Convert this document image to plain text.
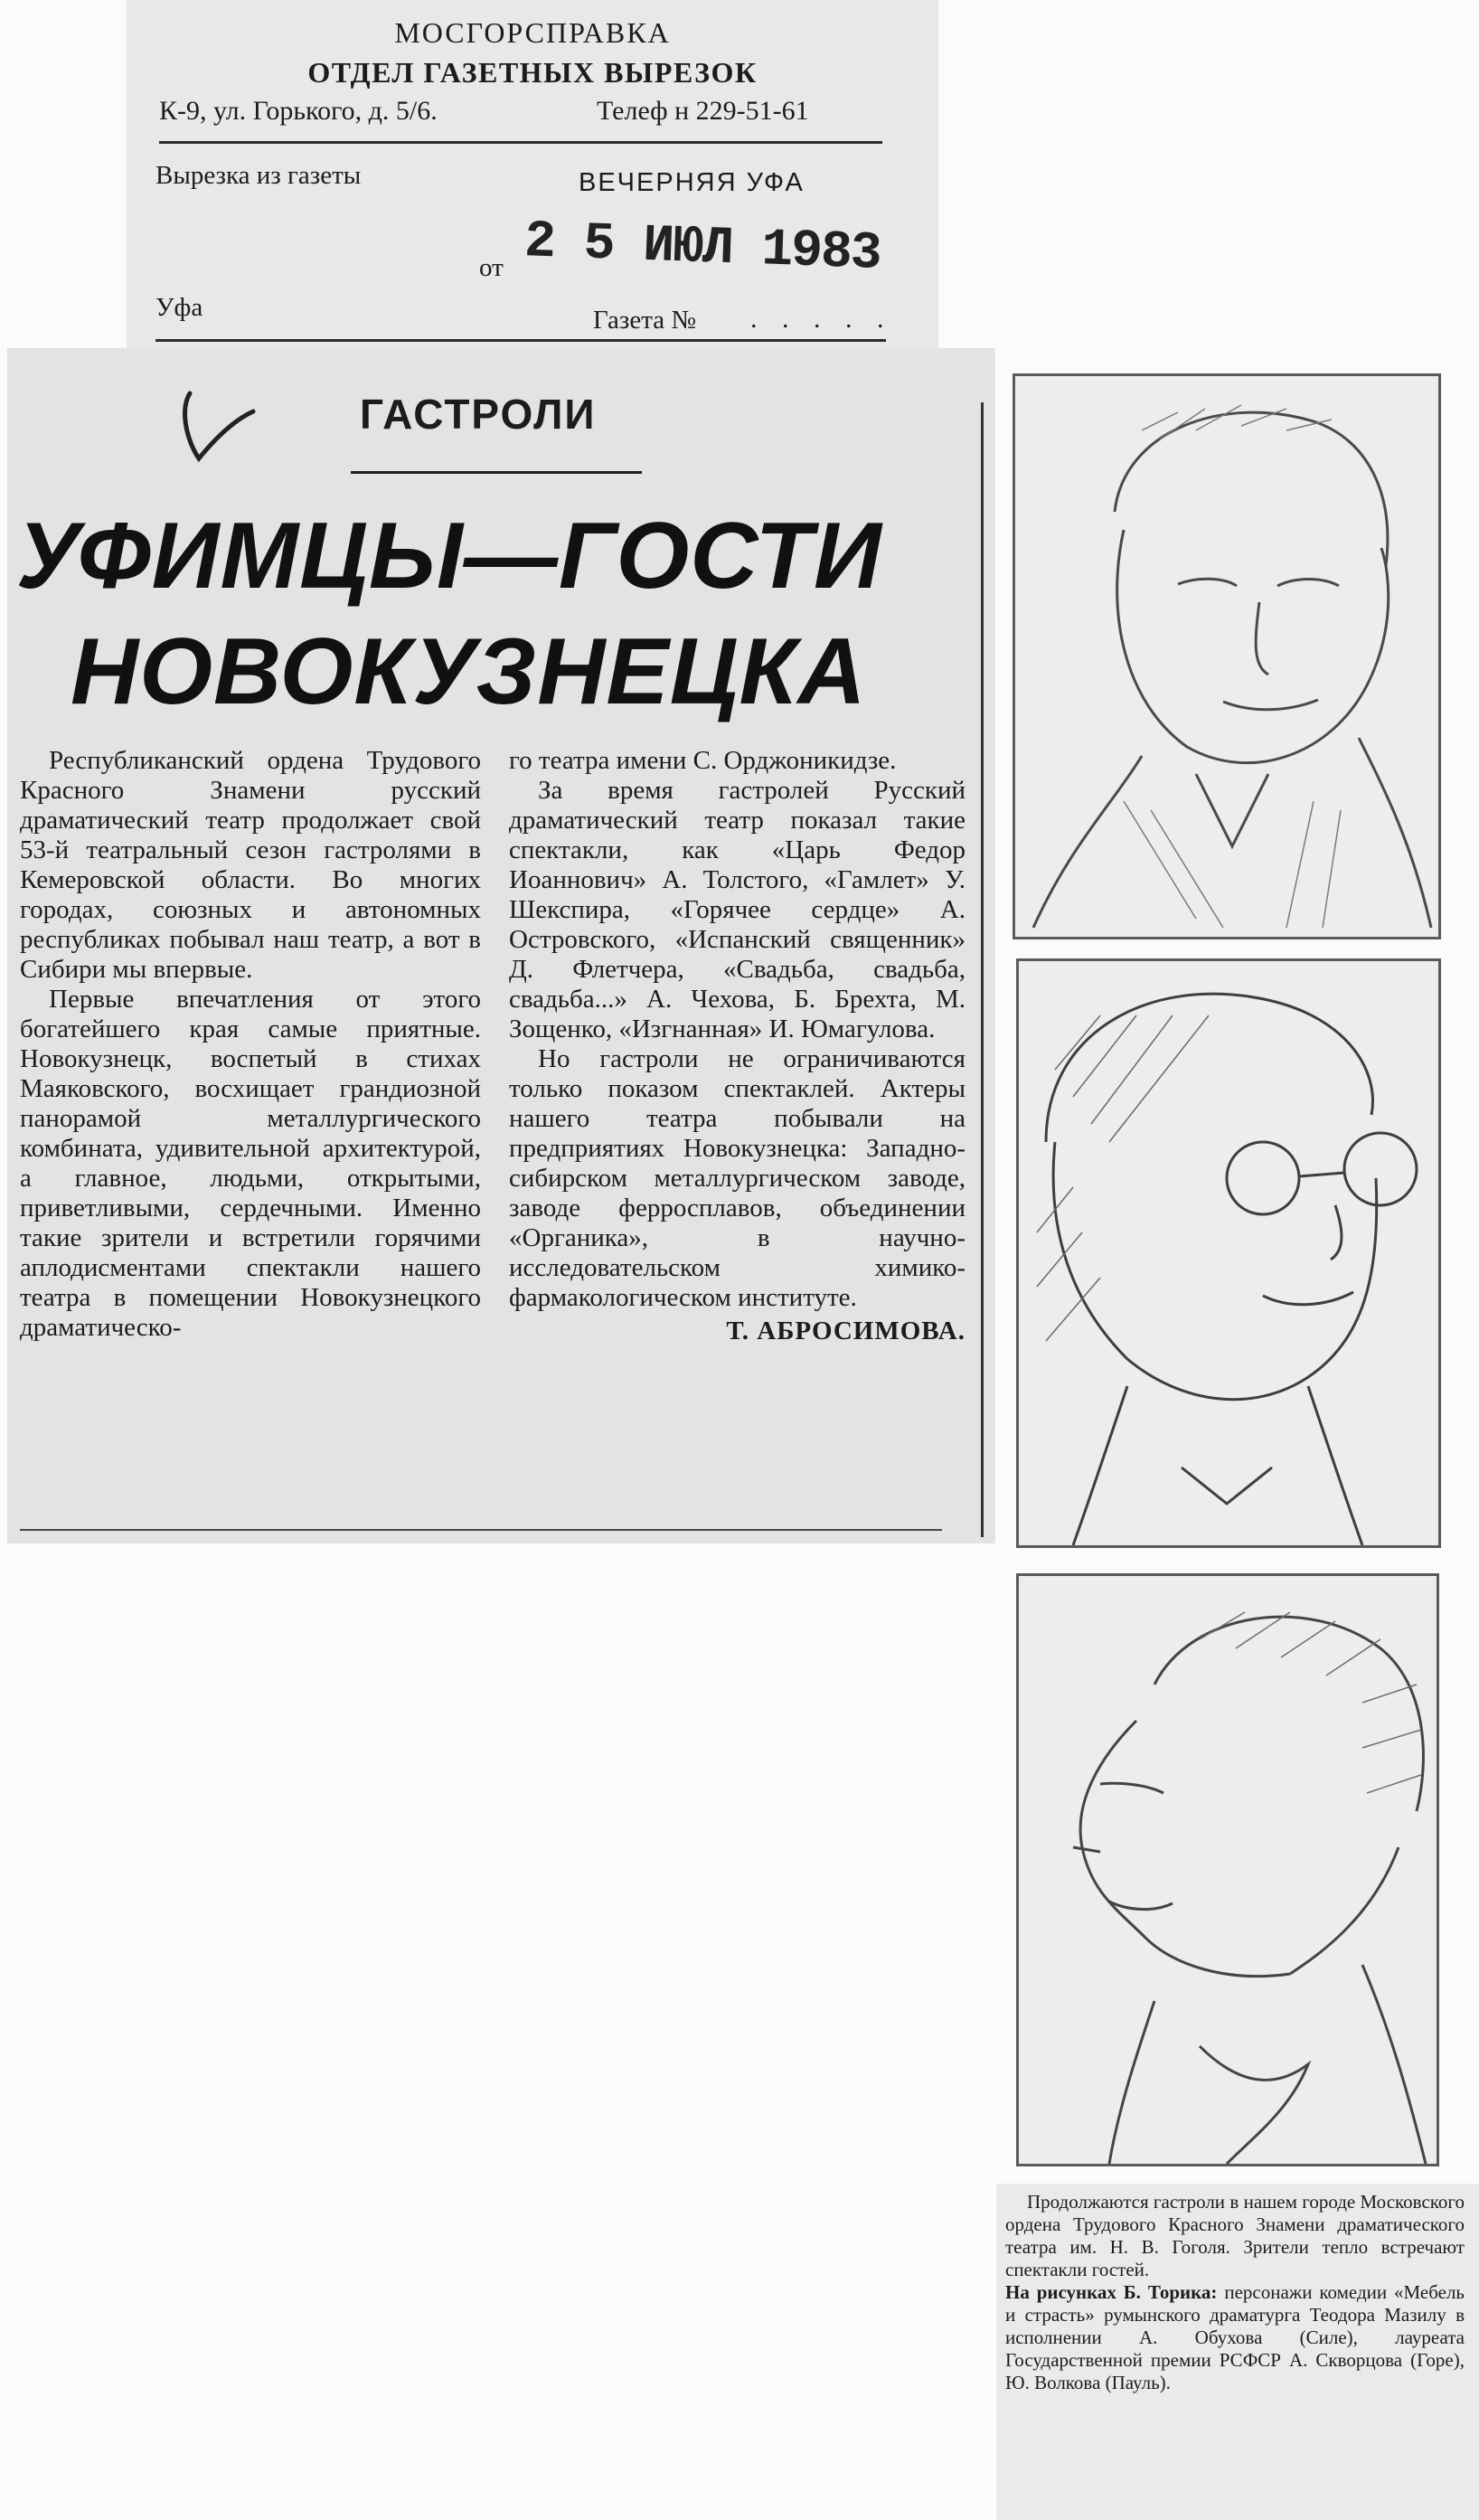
МОСГОРСПРАВКА
ОТДЕЛ ГАЗЕТНЫХ ВЫРЕЗОК
К-9, ул. Горького, д. 5/6.	Телеф н 229-51-61
Вырезка из газеты	ВЕЧЕРНЯЯ УФА
от 2 5 ИЮЛ 1983
Уфа	Газета № . . . . .
ГАСТРОЛИ
УФИМЦЫ—ГОСТИ
НОВОКУЗНЕЦКА

Республиканский ордена Трудового Красного Знамени русский драматический театр продолжает свой 53-й театральный сезон гастролями в Кемеровской области. Во многих городах, союзных и автономных республиках побывал наш театр, а вот в Сибири мы впервые.

Первые впечатления от этого богатейшего края самые приятные. Новокузнецк, воспетый в стихах Маяковского, восхищает грандиозной панорамой металлургического комбината, удивительной архитектурой, а главное, людьми, открытыми, приветливыми, сердечными. Именно такие зрители и встретили горячими аплодисментами спектакли нашего театра в помещении Новокузнецкого драматическо-

го театра имени С. Орджоникидзе.

За время гастролей Русский драматический театр показал такие спектакли, как «Царь Федор Иоаннович» А. Толстого, «Гамлет» У. Шекспира, «Горячее сердце» А. Островского, «Испанский священник» Д. Флетчера, «Свадьба, свадьба, свадьба...» А. Чехова, Б. Брехта, М. Зощенко, «Изгнанная» И. Юмагулова.

Но гастроли не ограничиваются только показом спектаклей. Актеры нашего театра побывали на предприятиях Новокузнецка: Западно-сибирском металлургическом заводе, заводе ферросплавов, объединении «Органика», в научно-исследовательском химико-фармакологическом институте.

Т. АБРОСИМОВА.

Продолжаются гастроли в нашем городе Московского ордена Трудового Красного Знамени драматического театра им. Н. В. Гоголя. Зрители тепло встречают спектакли гостей.

На рисунках Б. Торика: персонажи комедии «Мебель и страсть» румынского драматурга Теодора Мазилу в исполнении А. Обухова (Силе), лауреата Государственной премии РСФСР А. Скворцова (Горе), Ю. Волкова (Пауль).
